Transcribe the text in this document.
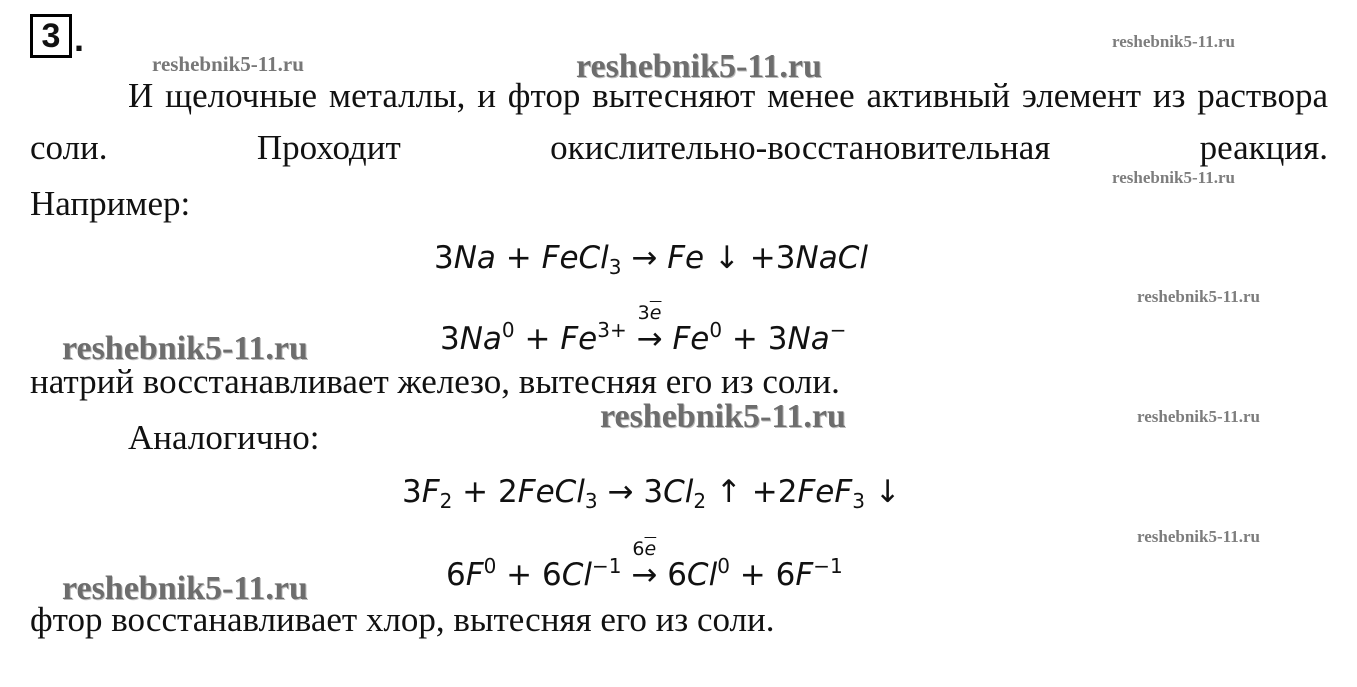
3 .
reshebnik5-11.ru	reshebnik5-11.ru
reshebnik5-11.ru
reshebnik5-11.ru
reshebnik5-11.ru
reshebnik5-11.ru
reshebnik5-11.ru	reshebnik5-11.ru
reshebnik5-11.ru
reshebnik5-11.ru

И щелочные металлы, и фтор вытесняют менее активный элемент из раствора соли. Проходит окислительно-восстановительная реакция.

Например:

3Na + FeCl$_3$ → Fe ↓ +3NaCl
$3Na^0 + Fe^{3+}$
$3\overline{e}$
→ $Fe^0 + 3Na^-$

натрий восстанавливает железо, вытесняя его из соли.

Аналогично:

$3F_2$ + 2FeCl$_3$ → $3Cl_2$ ↑ +2FeF$_3$ ↓
$6F^0 + 6Cl^{-1}$
$6\overline{e}$
→ $6Cl^0 + 6F^{-1}$

фтор восстанавливает хлор, вытесняя его из соли.
